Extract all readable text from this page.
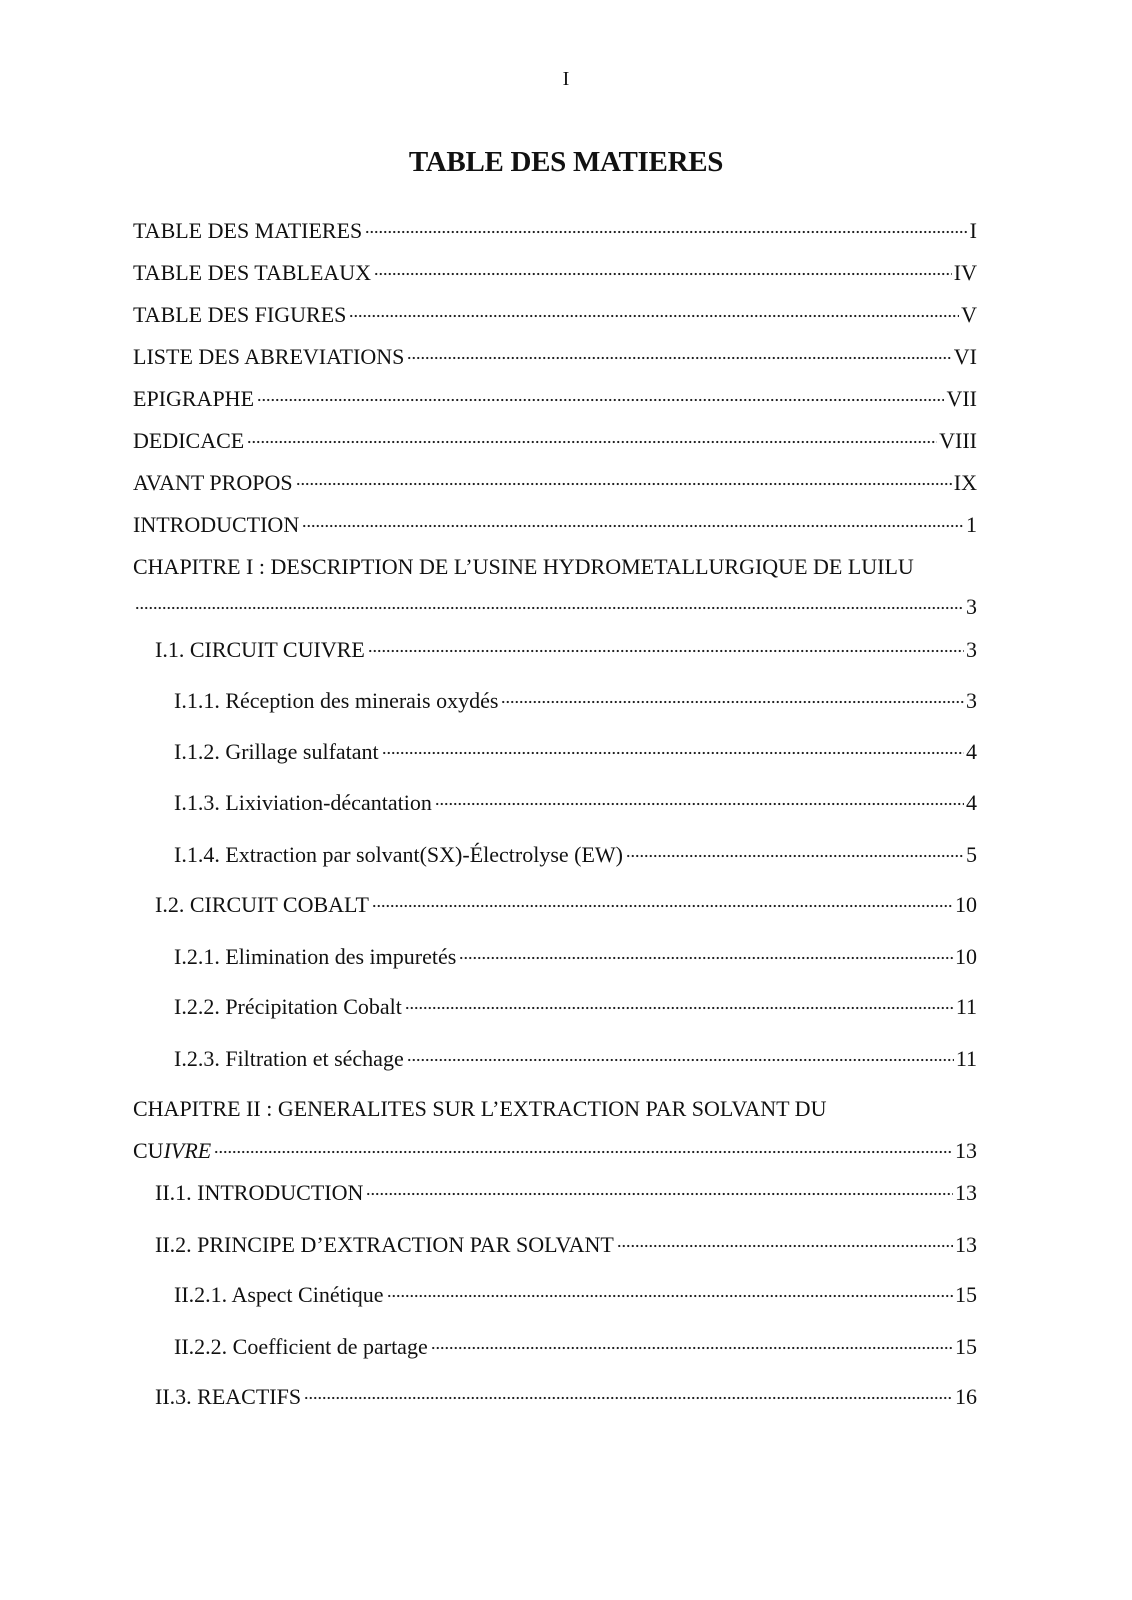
I
TABLE DES MATIERES
TABLE DES MATIERES	I
TABLE DES TABLEAUX	IV
TABLE DES FIGURES	V
LISTE DES ABREVIATIONS	VI
EPIGRAPHE	VII
DEDICACE	VIII
AVANT PROPOS	IX
INTRODUCTION	1
CHAPITRE I : DESCRIPTION DE L’USINE HYDROMETALLURGIQUE DE LUILU
3
I.1. CIRCUIT CUIVRE	3
I.1.1. Réception des minerais oxydés	3
I.1.2. Grillage sulfatant	4
I.1.3. Lixiviation-décantation	4
I.1.4. Extraction par solvant(SX)-Électrolyse (EW)	5
I.2. CIRCUIT COBALT	10
I.2.1. Elimination des impuretés	10
I.2.2. Précipitation Cobalt	11
I.2.3. Filtration et séchage	11
CHAPITRE II : GENERALITES SUR L’EXTRACTION PAR SOLVANT DU
CUIVRE	13
II.1. INTRODUCTION	13
II.2. PRINCIPE D’EXTRACTION PAR SOLVANT	13
II.2.1. Aspect Cinétique	15
II.2.2. Coefficient de partage	15
II.3. REACTIFS	16
